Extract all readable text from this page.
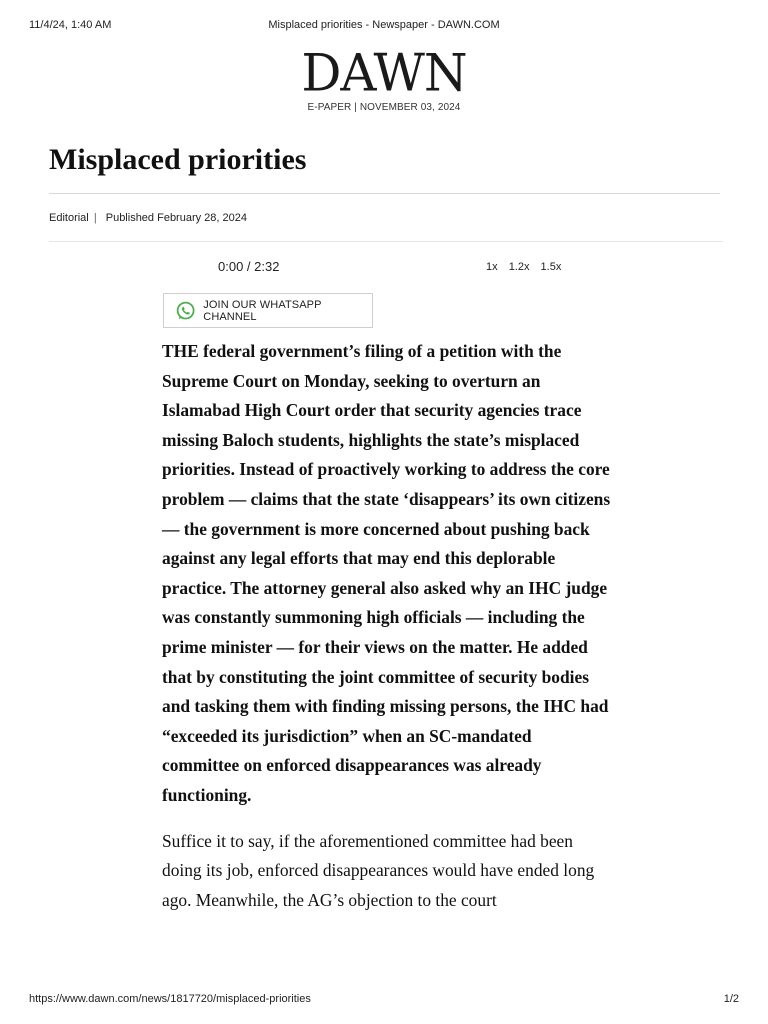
11/4/24, 1:40 AM	Misplaced priorities - Newspaper - DAWN.COM
DAWN
E-PAPER | NOVEMBER 03, 2024
Misplaced priorities
Editorial | Published February 28, 2024
0:00 / 2:32	1x 1.2x 1.5x
JOIN OUR WHATSAPP CHANNEL

THE federal government’s filing of a petition with the Supreme Court on Monday, seeking to overturn an Islamabad High Court order that security agencies trace missing Baloch students, highlights the state’s misplaced priorities. Instead of proactively working to address the core problem — claims that the state ‘disappears’ its own citizens — the government is more concerned about pushing back against any legal efforts that may end this deplorable practice. The attorney general also asked why an IHC judge was constantly summoning high officials — including the prime minister — for their views on the matter. He added that by constituting the joint committee of security bodies and tasking them with finding missing persons, the IHC had “exceeded its jurisdiction” when an SC-mandated committee on enforced disappearances was already functioning.

Suffice it to say, if the aforementioned committee had been doing its job, enforced disappearances would have ended long ago. Meanwhile, the AG’s objection to the court

https://www.dawn.com/news/1817720/misplaced-priorities	1/2
